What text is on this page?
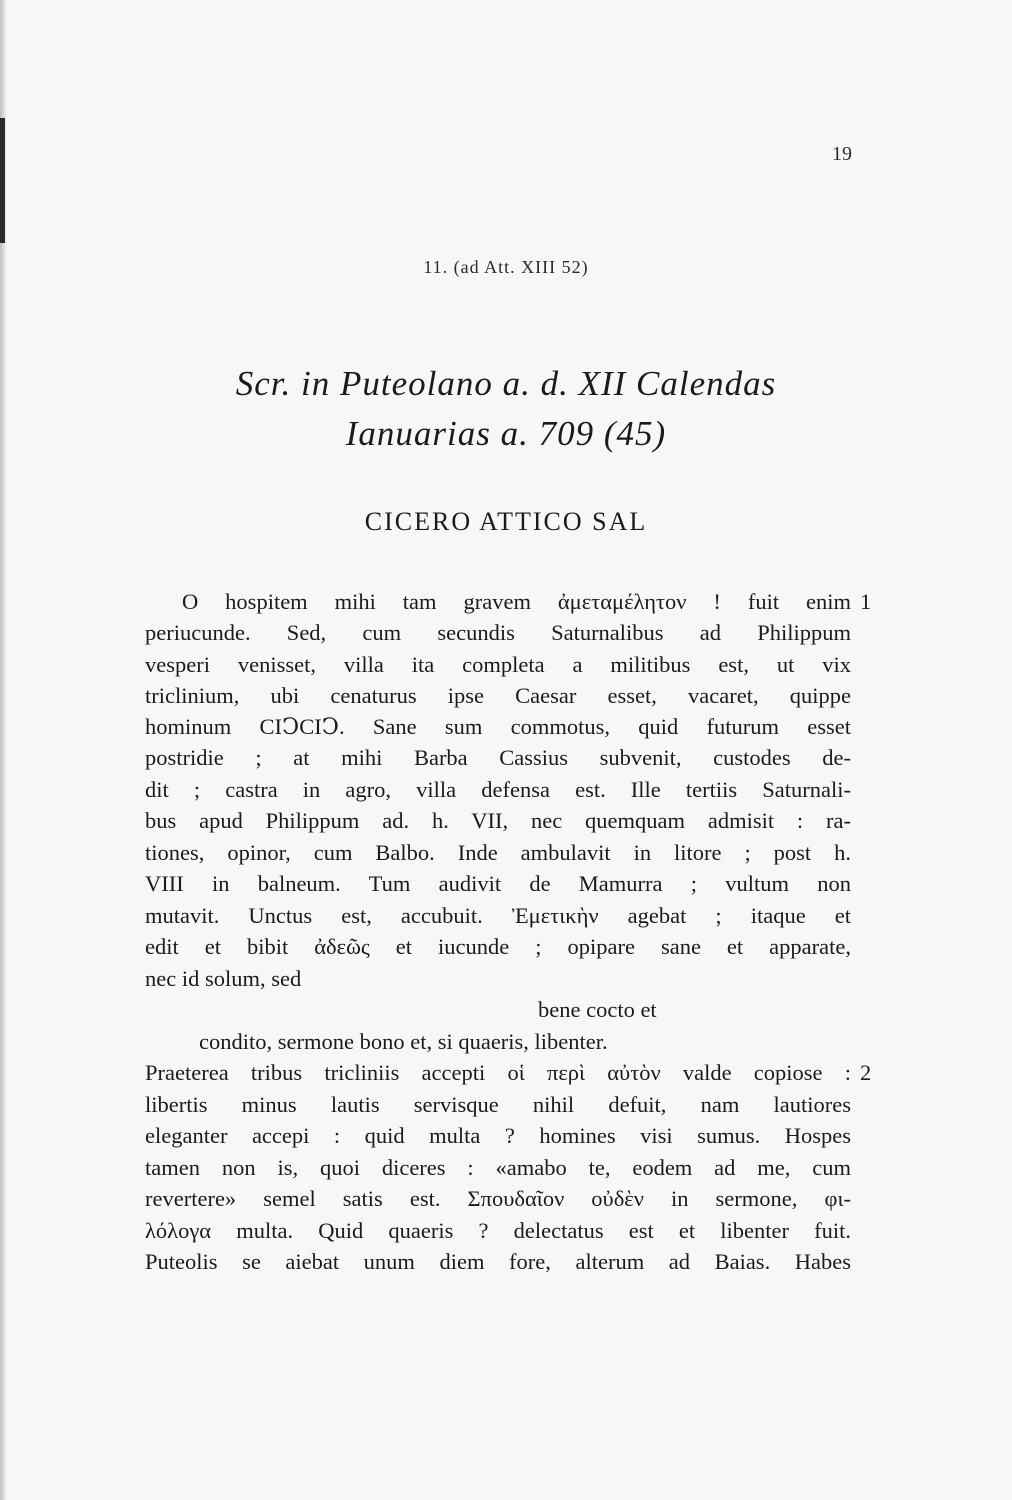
19
11. (ad Att. XIII 52)
Scr. in Puteolano a. d. XII Calendas
Ianuarias a. 709 (45)
CICERO ATTICO SAL
O hospitem mihi tam gravem ἀμεταμέλητον ! fuit enim 1
periucunde. Sed, cum secundis Saturnalibus ad Philippum
vesperi venisset, villa ita completa a militibus est, ut vix
triclinium, ubi cenaturus ipse Caesar esset, vacaret, quippe
hominum CIↃCIↃ. Sane sum commotus, quid futurum esset
postridie ; at mihi Barba Cassius subvenit, custodes de-
dit ; castra in agro, villa defensa est. Ille tertiis Saturnali-
bus apud Philippum ad. h. VII, nec quemquam admisit : ra-
tiones, opinor, cum Balbo. Inde ambulavit in litore ; post h.
VIII in balneum. Tum audivit de Mamurra ; vultum non
mutavit. Unctus est, accubuit. Ἐμετικὴν agebat ; itaque et
edit et bibit ἀδεῶς et iucunde ; opipare sane et apparate,
nec id solum, sed
bene cocto et
condito, sermone bono et, si quaeris, libenter.
Praeterea tribus tricliniis accepti οἱ περὶ αὐτὸν valde copiose : 2
libertis minus lautis servisque nihil defuit, nam lautiores
eleganter accepi : quid multa ? homines visi sumus. Hospes
tamen non is, quoi diceres : «amabo te, eodem ad me, cum
revertere» semel satis est. Σπουδαῖον οὐδὲν in sermone, φι-
λόλογα multa. Quid quaeris ? delectatus est et libenter fuit.
Puteolis se aiebat unum diem fore, alterum ad Baias. Habes
